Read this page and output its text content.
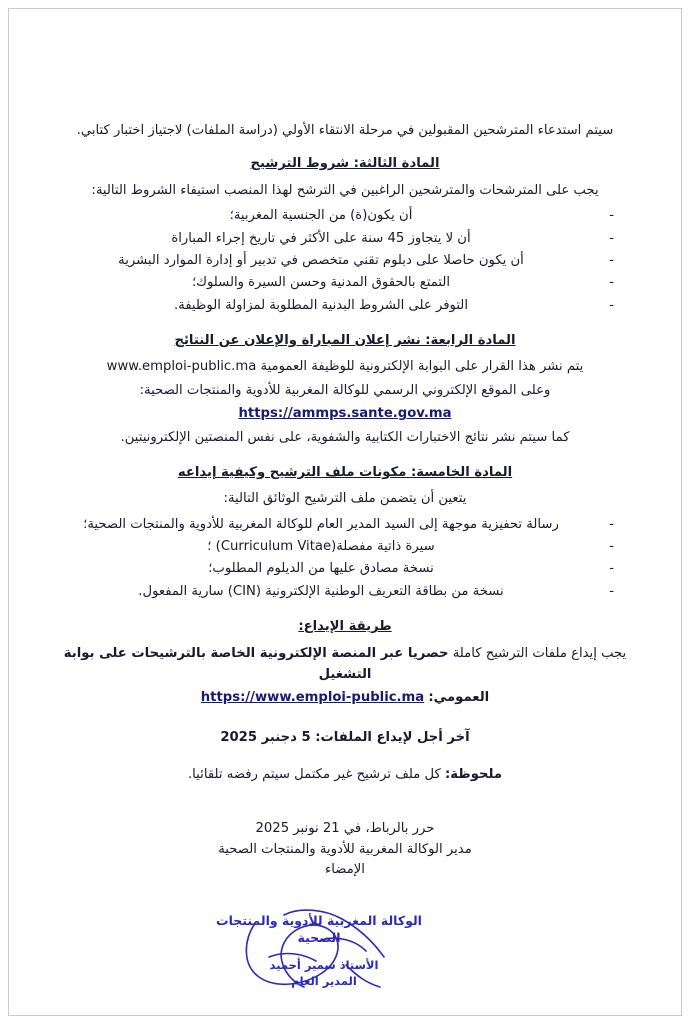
سيتم استدعاء المترشحين المقبولين في مرحلة الانتقاء الأولي (دراسة الملفات) لاجتياز اختبار كتابي.

المادة الثالثة: شروط الترشيح
يجب على المترشحات والمترشحين الراغبين في الترشح لهذا المنصب استيفاء الشروط التالية:
- أن يكون(ة) من الجنسية المغربية؛
- أن لا يتجاوز 45 سنة على الأكثر في تاريخ إجراء المباراة
- أن يكون حاصلا على دبلوم تقني متخصص في تدبير أو إدارة الموارد البشرية
- التمتع بالحقوق المدنية وحسن السيرة والسلوك؛
- التوفر على الشروط البدنية المطلوبة لمزاولة الوظيفة.
المادة الرابعة: نشر إعلان المباراة والإعلان عن النتائج

يتم نشر هذا القرار على البوابة الإلكترونية للوظيفة العمومية www.emploi-public.ma

وعلى الموقع الإلكتروني الرسمي للوكالة المغربية للأدوية والمنتجات الصحية:

https://ammps.sante.gov.ma

كما سيتم نشر نتائج الاختبارات الكتابية والشفوية، على نفس المنصتين الإلكترونيتين.

المادة الخامسة: مكونات ملف الترشيح وكيفية إيداعه
يتعين أن يتضمن ملف الترشيح الوثائق التالية:
- رسالة تحفيزية موجهة إلى السيد المدير العام للوكالة المغربية للأدوية والمنتجات الصحية؛
- سيرة ذاتية مفصلة(Curriculum Vitae) ؛
- نسخة مصادق عليها من الديلوم المطلوب؛
- نسخة من بطاقة التعريف الوطنية الإلكترونية (CIN) سارية المفعول.
طريقة الإيداع:

يجب إيداع ملفات الترشيح كاملة حصريا عبر المنصة الإلكترونية الخاصة بالترشيحات على بوابة التشغيل

العمومي: https://www.emploi-public.ma

آخر أجل لإيداع الملفات: 5 دجنبر 2025

ملحوظة: كل ملف ترشيح غير مكتمل سيتم رفضه تلقائيا.

حرر بالرباط، في 21 نونبر 2025
مدير الوكالة المغربية للأدوية والمنتجات الصحية
الإمضاء
الوكالة المغربية للأدوية والمنتجات
الصحية
الأستاذ سمير أحميد
المدير العام
